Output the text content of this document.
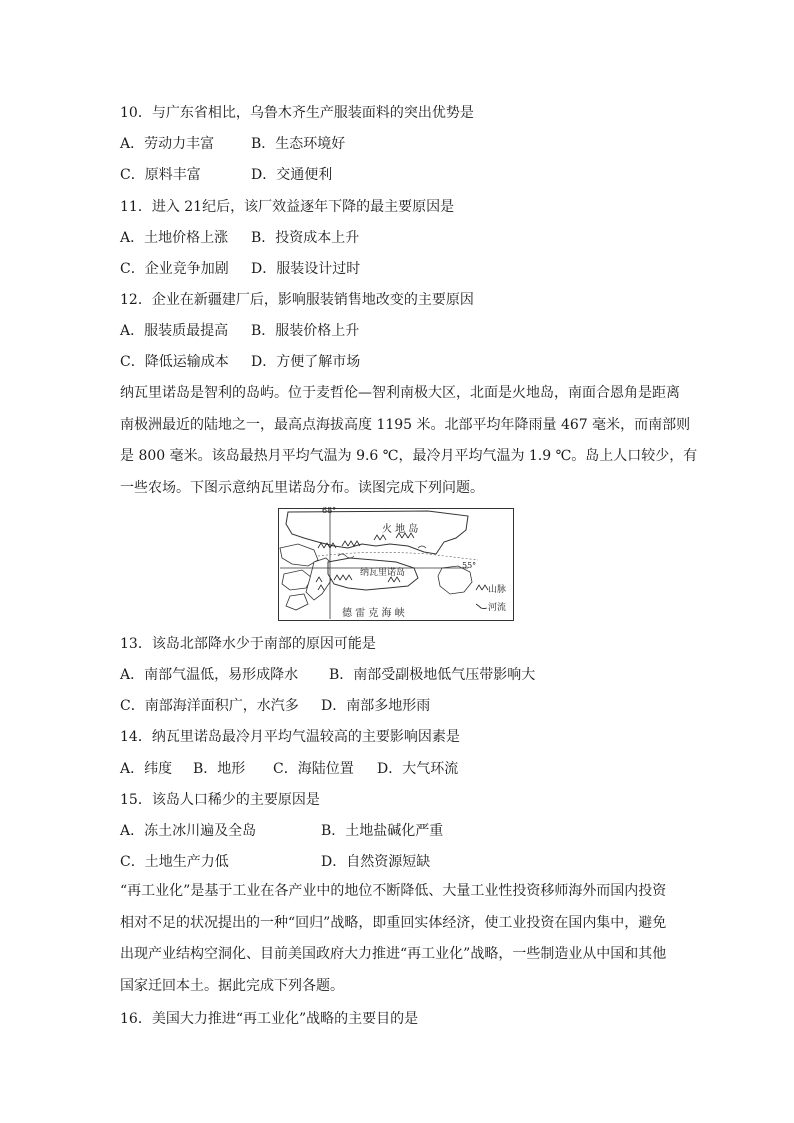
10．与广东省相比，乌鲁木齐生产服装面料的突出优势是
A．劳动力丰富	B．生态环境好
C．原料丰富	D．交通便利
11．进入 21纪后，该厂效益逐年下降的最主要原因是
A．土地价格上涨 B．投资成本上升
C．企业竞争加剧 D．服装设计过时
12．企业在新疆建厂后，影响服装销售地改变的主要原因
A．服装质最提高 B．服装价格上升
C．降低运输成本 D．方便了解市场
纳瓦里诺岛是智利的岛屿。位于麦哲伦—智利南极大区，北面是火地岛，南面合恩角是距离
南极洲最近的陆地之一，最高点海拔高度 1195 米。北部平均年降雨量 467 毫米，而南部则
是 800 毫米。该岛最热月平均气温为 9.6 ℃，最冷月平均气温为 1.9 ℃。岛上人口较少，有
一些农场。下图示意纳瓦里诺岛分布。读图完成下列问题。
68°
55°
火 地 岛
纳瓦里诺岛
德 雷 克 海 峡
山脉
河流
13．该岛北部降水少于南部的原因可能是
A．南部气温低，易形成降水 B．南部受副极地低气压带影响大
C．南部海洋面积广，水汽多 D．南部多地形雨
14．纳瓦里诺岛最冷月平均气温较高的主要影响因素是
A．纬度 B．地形 C．海陆位置 D．大气环流
15．该岛人口稀少的主要原因是
A．冻土冰川遍及全岛	B．土地盐碱化严重
C．土地生产力低	D．自然资源短缺
“再工业化”是基于工业在各产业中的地位不断降低、大量工业性投资移师海外而国内投资
相对不足的状况提出的一种“回归”战略，即重回实体经济，使工业投资在国内集中，避免
出现产业结构空洞化、目前美国政府大力推进“再工业化”战略，一些制造业从中国和其他
国家迁回本土。据此完成下列各题。
16．美国大力推进“再工业化”战略的主要目的是
